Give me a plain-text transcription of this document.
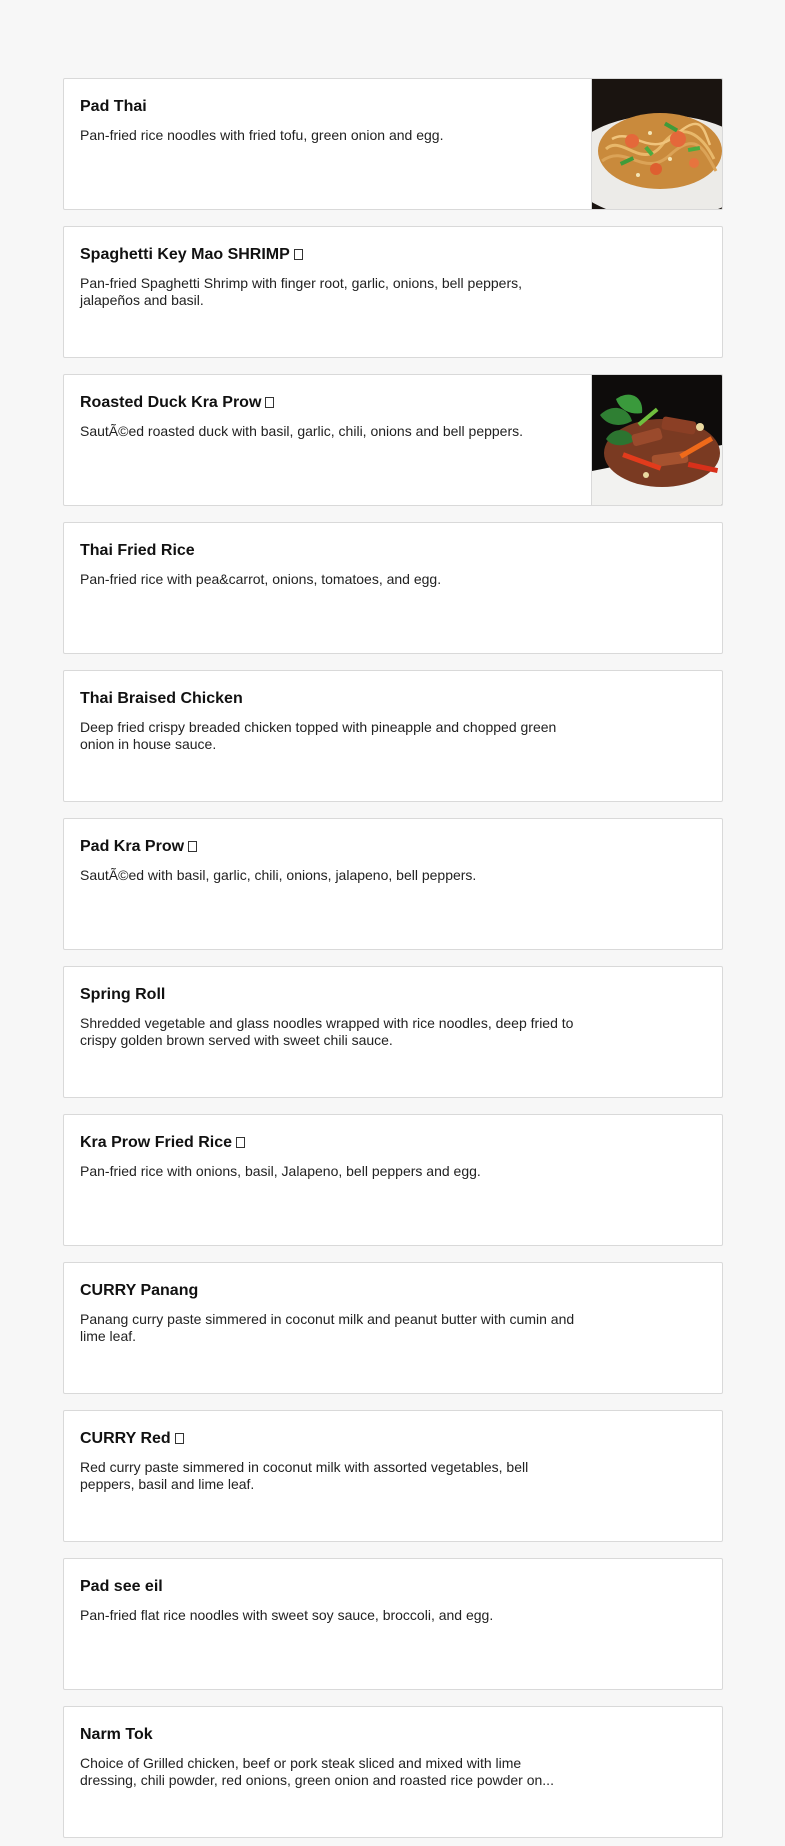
Pad Thai

Pan-fried rice noodles with fried tofu, green onion and egg.

Spaghetti Key Mao SHRIMP

Pan-fried Spaghetti Shrimp with finger root, garlic, onions, bell peppers, jalapeños and basil.

Roasted Duck Kra Prow

SautÃ©ed roasted duck with basil, garlic, chili, onions and bell peppers.

Thai Fried Rice

Pan-fried rice with pea&carrot, onions, tomatoes, and egg.

Thai Braised Chicken

Deep fried crispy breaded chicken topped with pineapple and chopped green onion in house sauce.

Pad Kra Prow

SautÃ©ed with basil, garlic, chili, onions, jalapeno, bell peppers.

Spring Roll

Shredded vegetable and glass noodles wrapped with rice noodles, deep fried to crispy golden brown served with sweet chili sauce.

Kra Prow Fried Rice

Pan-fried rice with onions, basil, Jalapeno, bell peppers and egg.

CURRY Panang

Panang curry paste simmered in coconut milk and peanut butter with cumin and lime leaf.

CURRY Red

Red curry paste simmered in coconut milk with assorted vegetables, bell peppers, basil and lime leaf.

Pad see eil

Pan-fried flat rice noodles with sweet soy sauce, broccoli, and egg.

Narm Tok

Choice of Grilled chicken, beef or pork steak sliced and mixed with lime dressing, chili powder, red onions, green onion and roasted rice powder on...
